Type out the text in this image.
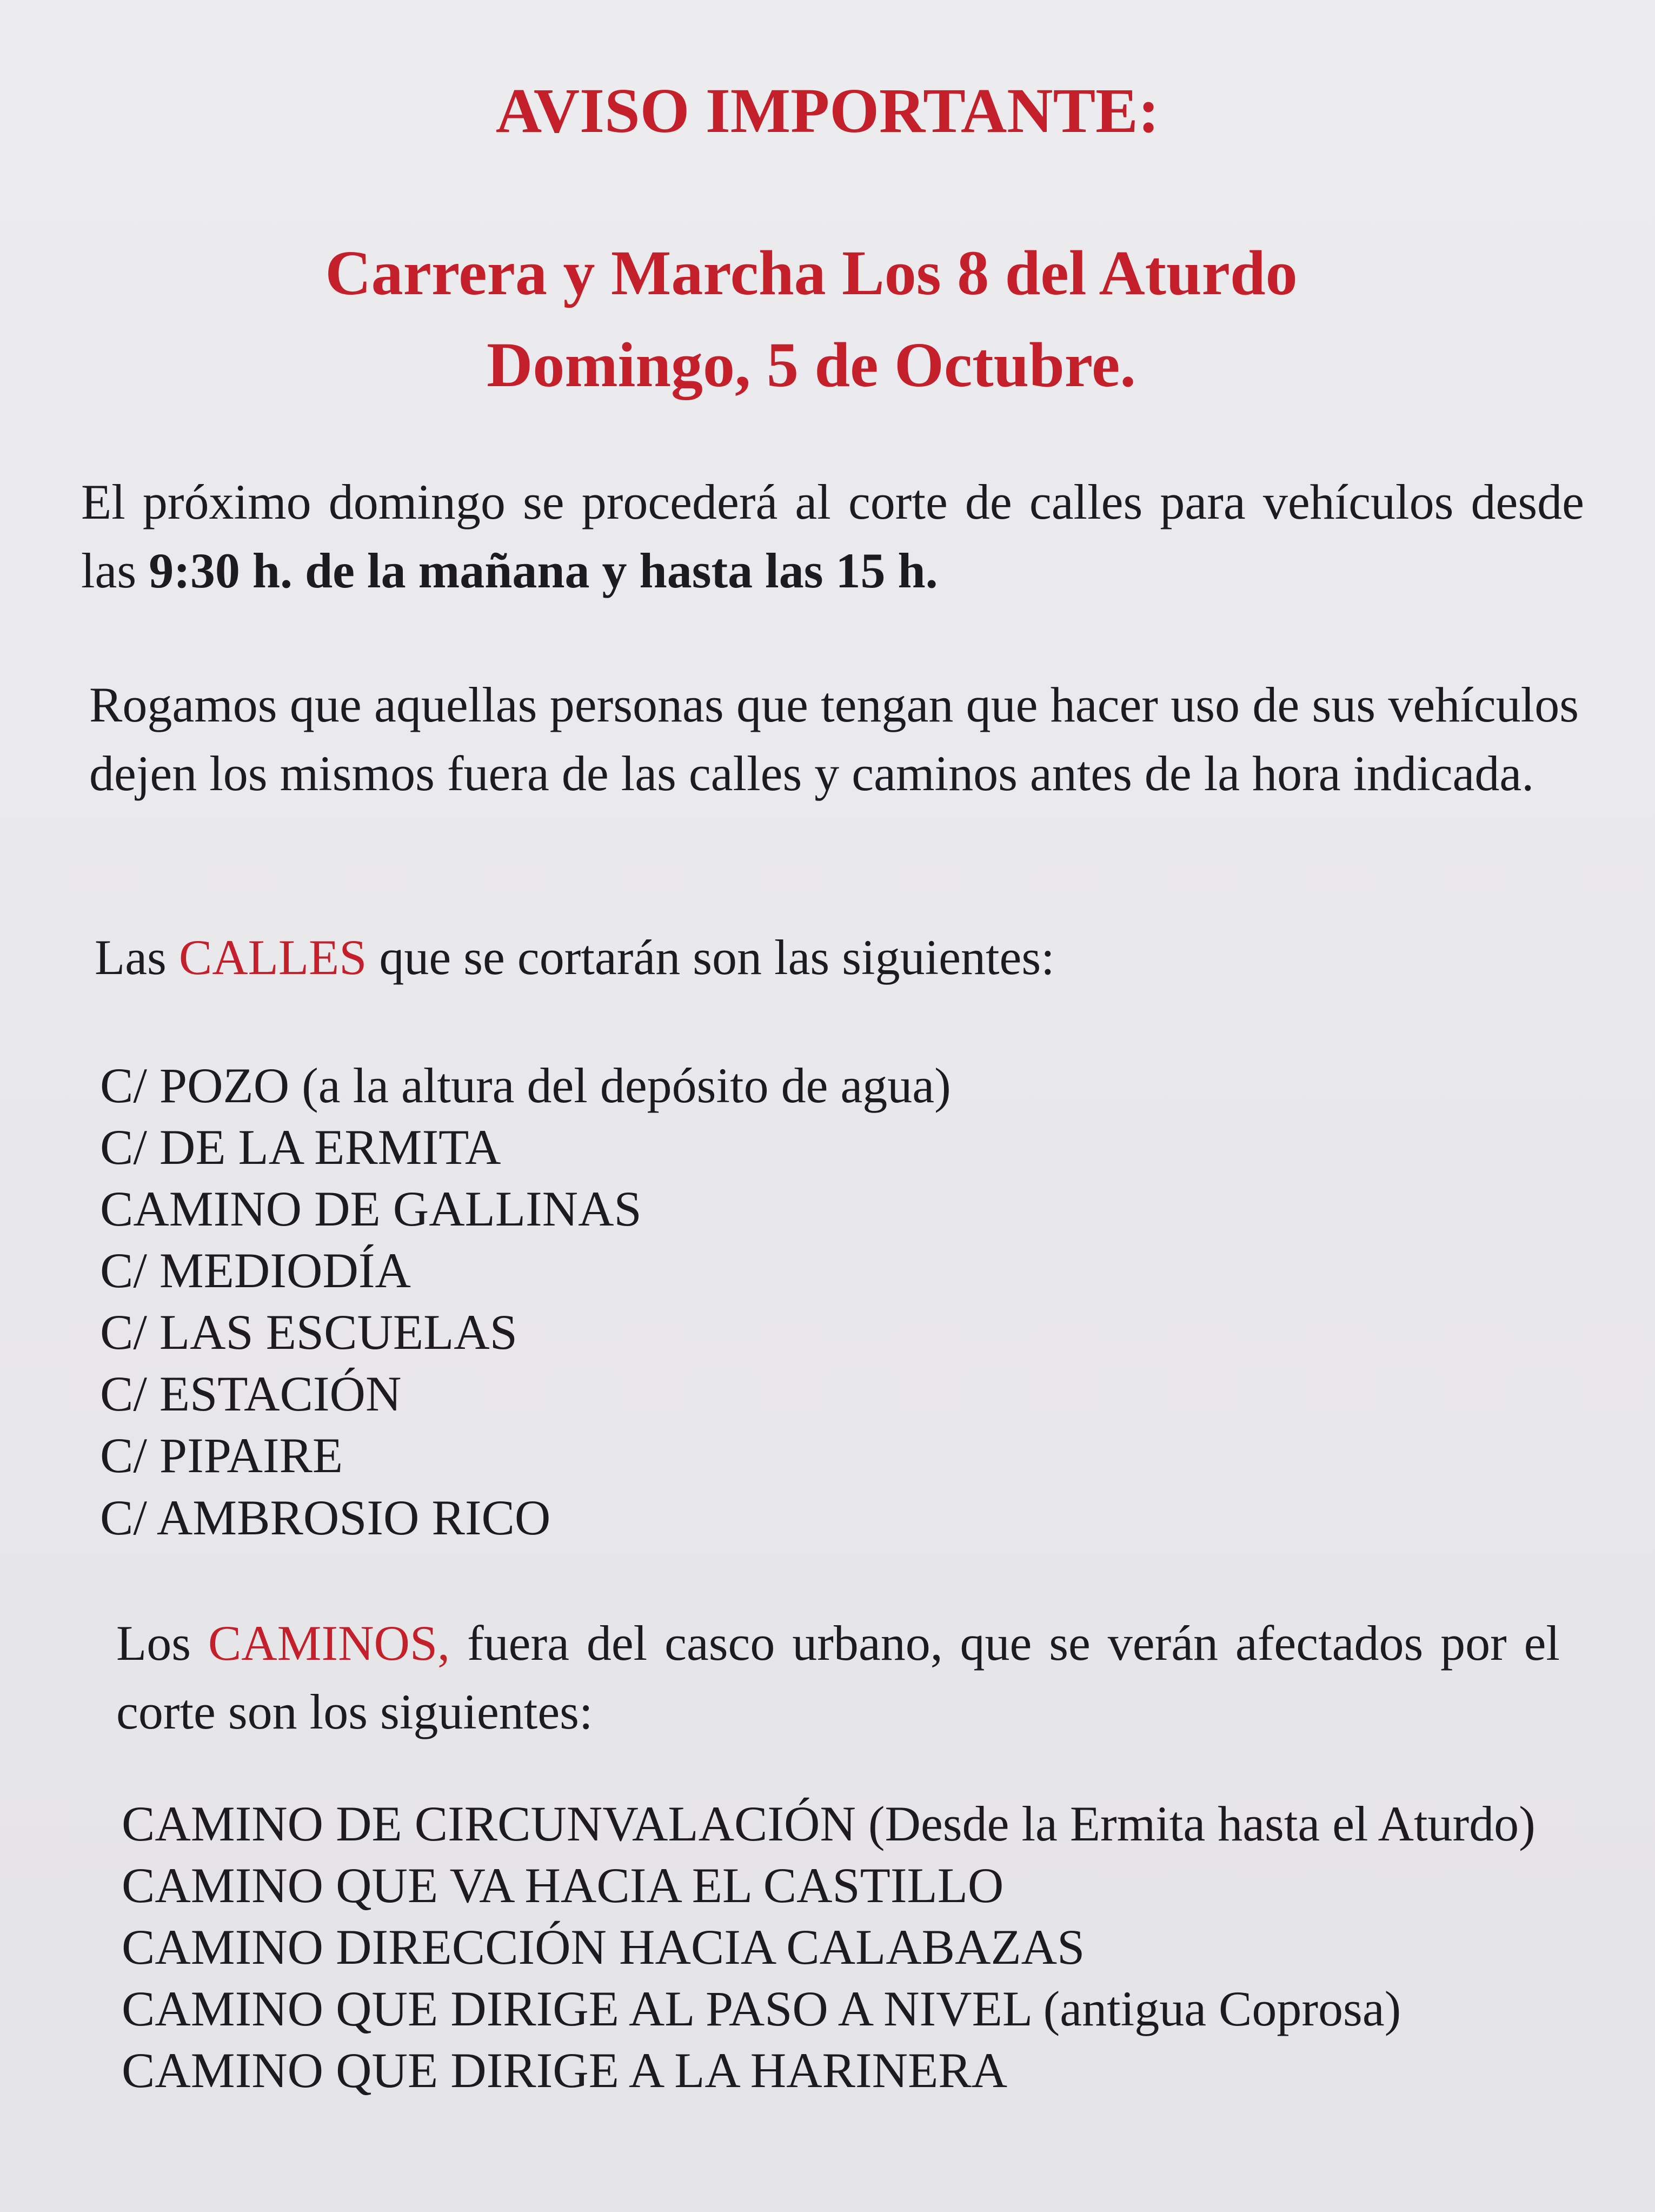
AVISO IMPORTANTE:
Carrera y Marcha Los 8 del Aturdo
Domingo, 5 de Octubre.
El próximo domingo se procederá al corte de calles para vehículos desde las 9:30 h. de la mañana y hasta las 15 h.
Rogamos que aquellas personas que tengan que hacer uso de sus vehículos dejen los mismos fuera de las calles y caminos antes de la hora indicada.
Las CALLES que se cortarán son las siguientes:
C/ POZO (a la altura del depósito de agua)
C/ DE LA ERMITA
CAMINO DE GALLINAS
C/ MEDIODÍA
C/ LAS ESCUELAS
C/ ESTACIÓN
C/ PIPAIRE
C/ AMBROSIO RICO
Los CAMINOS, fuera del casco urbano, que se verán afectados por el corte son los siguientes:
CAMINO DE CIRCUNVALACIÓN (Desde la Ermita hasta el Aturdo)
CAMINO QUE VA HACIA EL CASTILLO
CAMINO DIRECCIÓN HACIA CALABAZAS
CAMINO QUE DIRIGE AL PASO A NIVEL (antigua Coprosa)
CAMINO QUE DIRIGE A LA HARINERA
